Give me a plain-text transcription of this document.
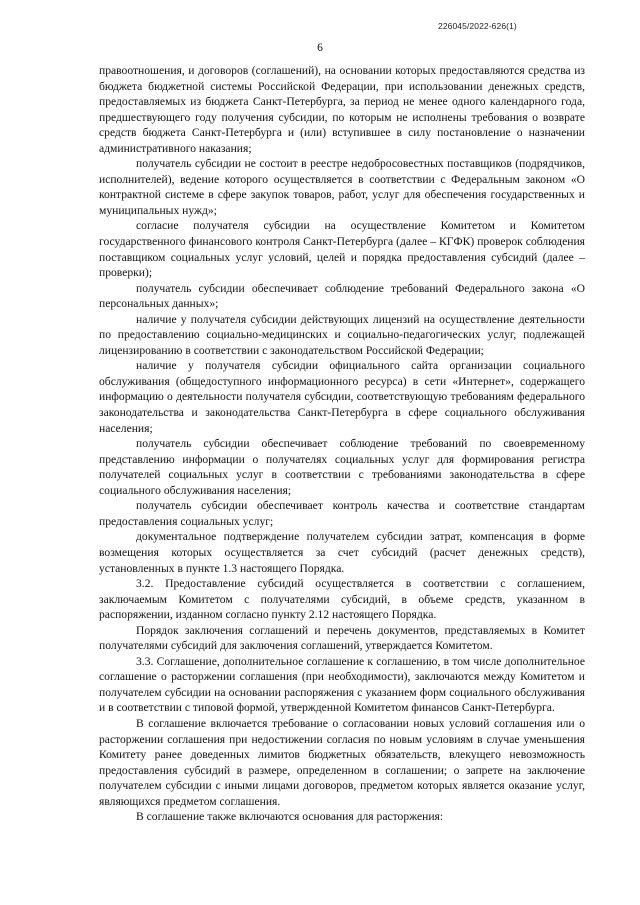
226045/2022-626(1)
6

правоотношения, и договоров (соглашений), на основании которых предоставляются средства из бюджета бюджетной системы Российской Федерации, при использовании денежных средств, предоставляемых из бюджета Санкт-Петербурга, за период не менее одного календарного года, предшествующего году получения субсидии, по которым не исполнены требования о возврате средств бюджета Санкт-Петербурга и (или) вступившее в силу постановление о назначении административного наказания;

получатель субсидии не состоит в реестре недобросовестных поставщиков (подрядчиков, исполнителей), ведение которого осуществляется в соответствии с Федеральным законом «О контрактной системе в сфере закупок товаров, работ, услуг для обеспечения государственных и муниципальных нужд»;

согласие получателя субсидии на осуществление Комитетом и Комитетом государственного финансового контроля Санкт-Петербурга (далее – КГФК) проверок соблюдения поставщиком социальных услуг условий, целей и порядка предоставления субсидий (далее – проверки);

получатель субсидии обеспечивает соблюдение требований Федерального закона «О персональных данных»;

наличие у получателя субсидии действующих лицензий на осуществление деятельности по предоставлению социально-медицинских и социально-педагогических услуг, подлежащей лицензированию в соответствии с законодательством Российской Федерации;

наличие у получателя субсидии официального сайта организации социального обслуживания (общедоступного информационного ресурса) в сети «Интернет», содержащего информацию о деятельности получателя субсидии, соответствующую требованиям федерального законодательства и законодательства Санкт-Петербурга в сфере социального обслуживания населения;

получатель субсидии обеспечивает соблюдение требований по своевременному представлению информации о получателях социальных услуг для формирования регистра получателей социальных услуг в соответствии с требованиями законодательства в сфере социального обслуживания населения;

получатель субсидии обеспечивает контроль качества и соответствие стандартам предоставления социальных услуг;

документальное подтверждение получателем субсидии затрат, компенсация в форме возмещения которых осуществляется за счет субсидий (расчет денежных средств), установленных в пункте 1.3 настоящего Порядка.

3.2. Предоставление субсидий осуществляется в соответствии с соглашением, заключаемым Комитетом с получателями субсидий, в объеме средств, указанном в распоряжении, изданном согласно пункту 2.12 настоящего Порядка.

Порядок заключения соглашений и перечень документов, представляемых в Комитет получателями субсидий для заключения соглашений, утверждается Комитетом.

3.3. Соглашение, дополнительное соглашение к соглашению, в том числе дополнительное соглашение о расторжении соглашения (при необходимости), заключаются между Комитетом и получателем субсидии на основании распоряжения с указанием форм социального обслуживания и в соответствии с типовой формой, утвержденной Комитетом финансов Санкт-Петербурга.

В соглашение включается требование о согласовании новых условий соглашения или о расторжении соглашения при недостижении согласия по новым условиям в случае уменьшения Комитету ранее доведенных лимитов бюджетных обязательств, влекущего невозможность предоставления субсидий в размере, определенном в соглашении; о запрете на заключение получателем субсидии с иными лицами договоров, предметом которых является оказание услуг, являющихся предметом соглашения.

В соглашение также включаются основания для расторжения:
